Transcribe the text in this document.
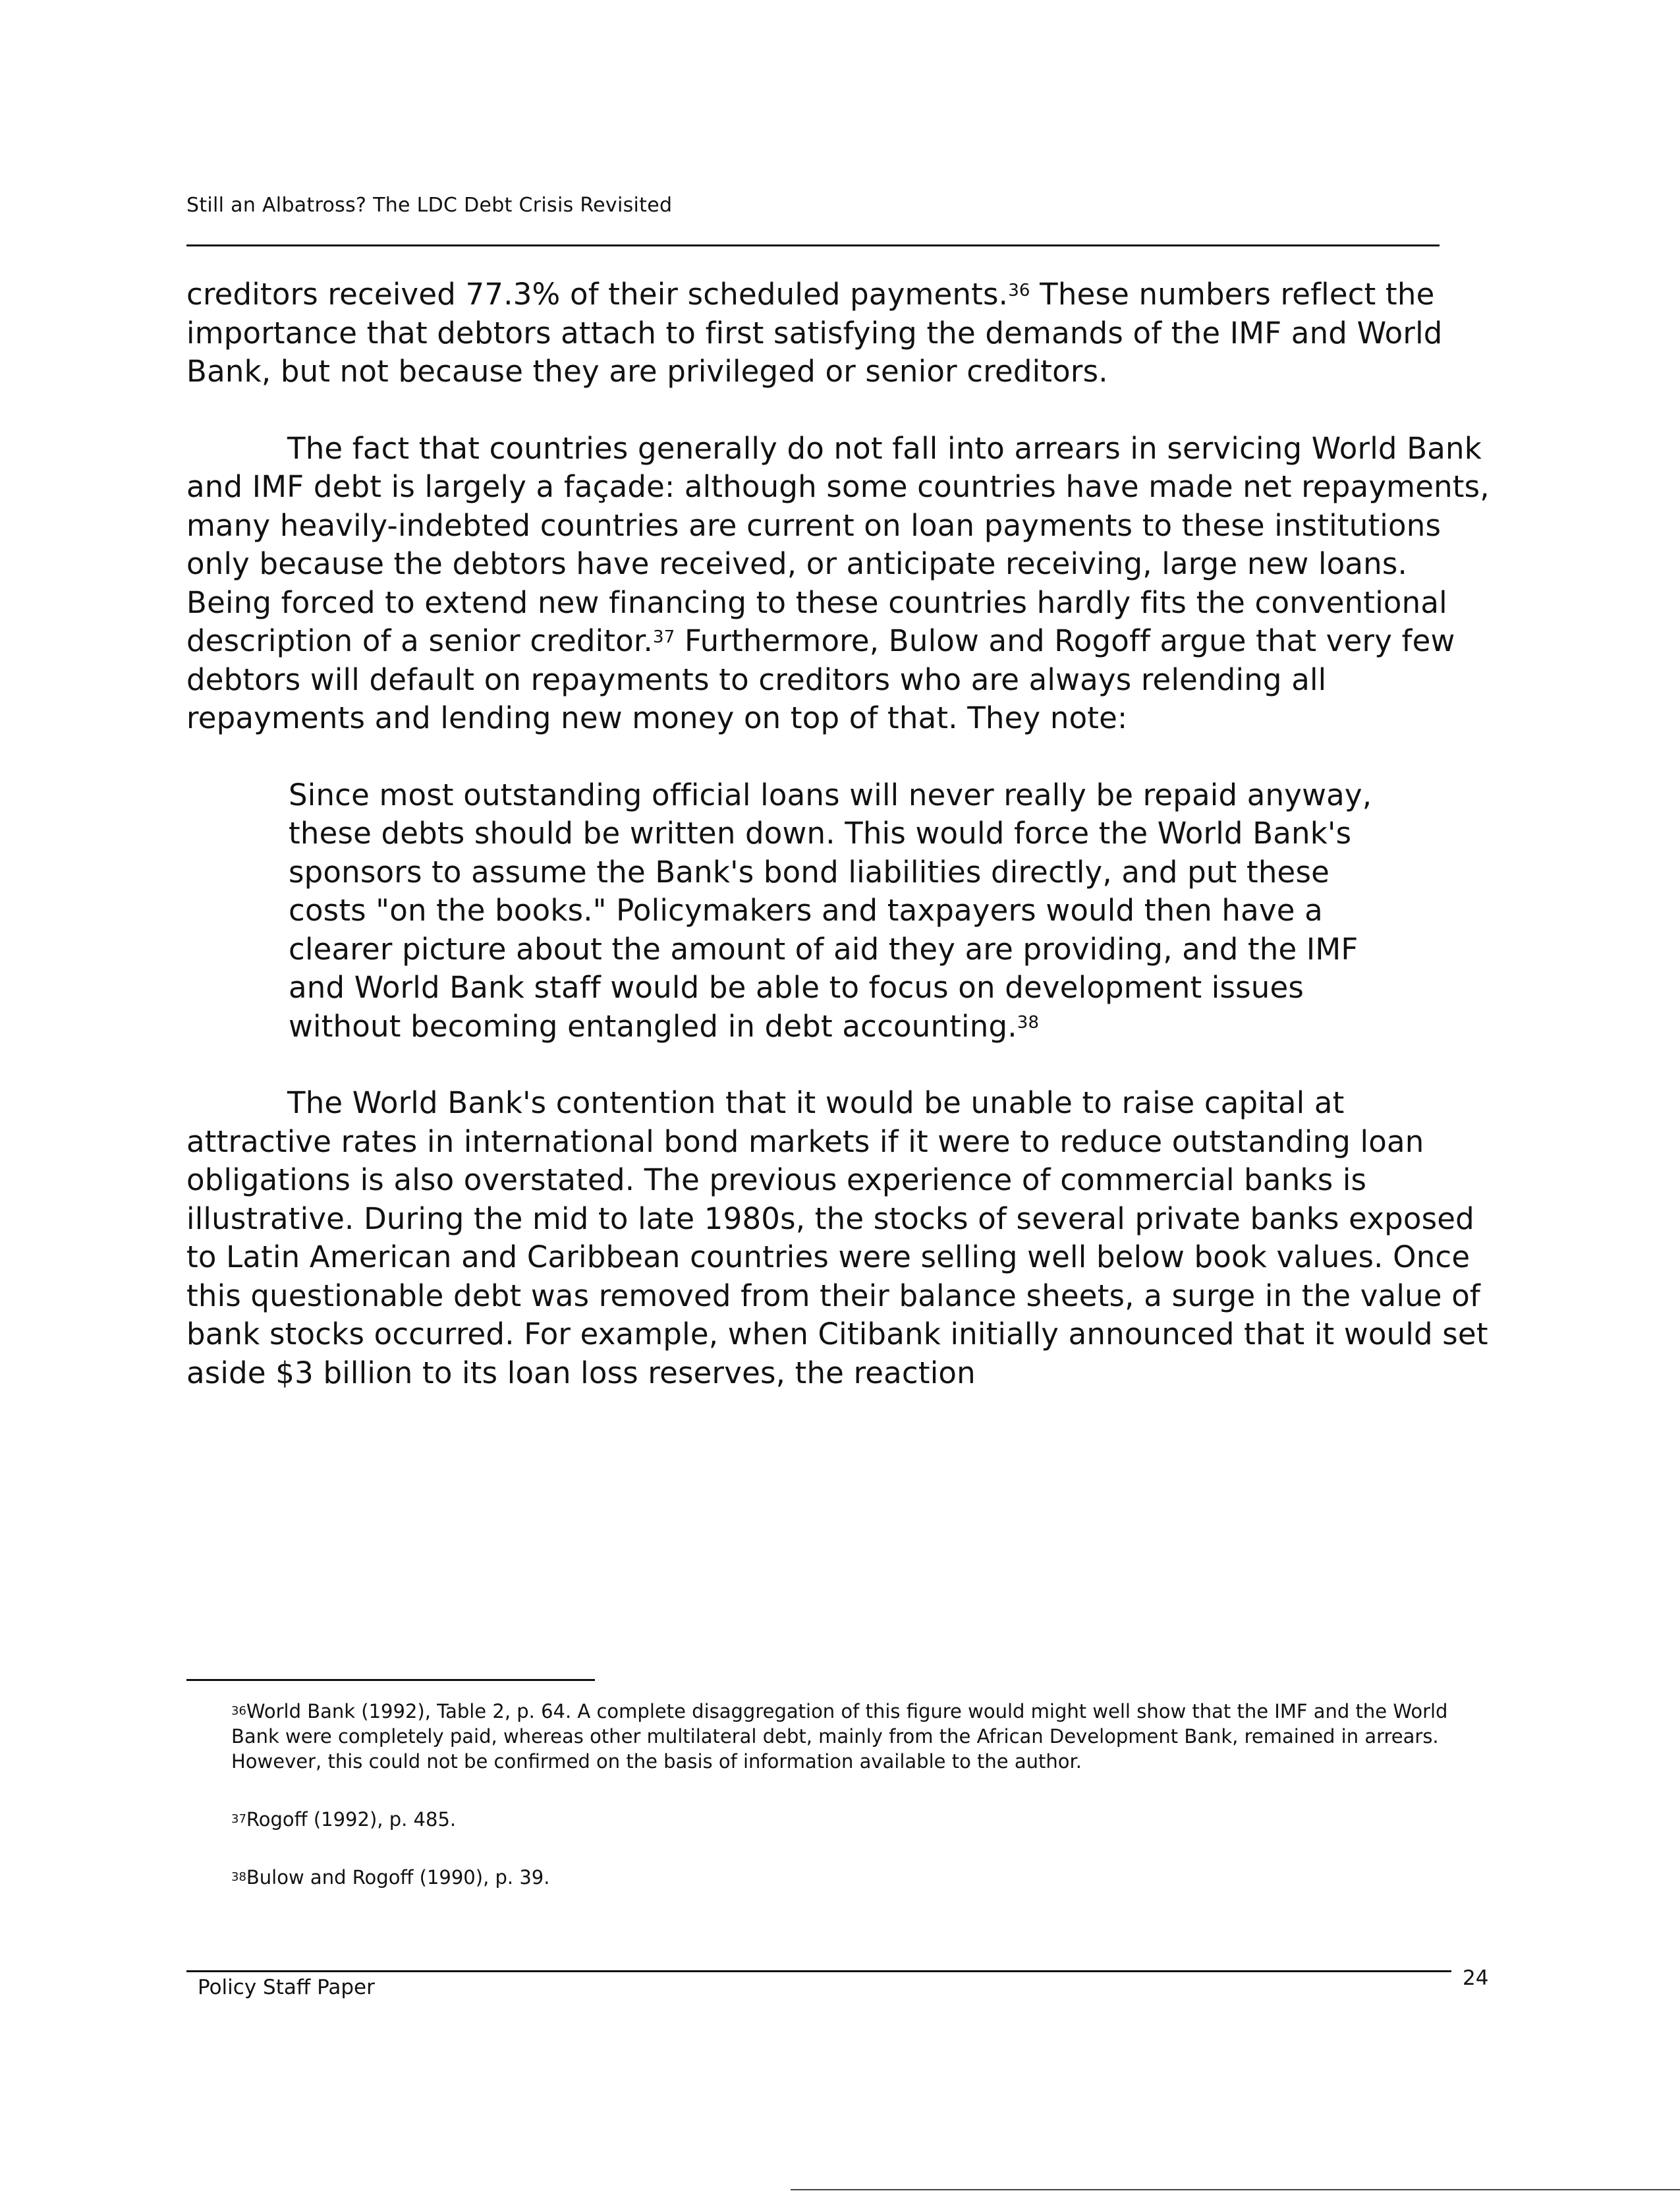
Still an Albatross? The LDC Debt Crisis Revisited

creditors received 77.3% of their scheduled payments.$^{36}$ These numbers reflect the importance that debtors attach to first satisfying the demands of the IMF and World Bank, but not because they are privileged or senior creditors.

The fact that countries generally do not fall into arrears in servicing World Bank and IMF debt is largely a façade: although some countries have made net repayments, many heavily-indebted countries are current on loan payments to these institutions only because the debtors have received, or anticipate receiving, large new loans. Being forced to extend new financing to these countries hardly fits the conventional description of a senior creditor.$^{37}$ Furthermore, Bulow and Rogoff argue that very few debtors will default on repayments to creditors who are always relending all repayments and lending new money on top of that. They note:

Since most outstanding official loans will never really be repaid anyway, these debts should be written down. This would force the World Bank's sponsors to assume the Bank's bond liabilities directly, and put these costs "on the books." Policymakers and taxpayers would then have a clearer picture about the amount of aid they are providing, and the IMF and World Bank staff would be able to focus on development issues without becoming entangled in debt accounting.$^{38}$

The World Bank's contention that it would be unable to raise capital at attractive rates in international bond markets if it were to reduce outstanding loan obligations is also overstated. The previous experience of commercial banks is illustrative. During the mid to late 1980s, the stocks of several private banks exposed to Latin American and Caribbean countries were selling well below book values. Once this questionable debt was removed from their balance sheets, a surge in the value of bank stocks occurred. For example, when Citibank initially announced that it would set aside $3 billion to its loan loss reserves, the reaction

$^{36}$World Bank (1992), Table 2, p. 64. A complete disaggregation of this figure would might well show that the IMF and the World Bank were completely paid, whereas other multilateral debt, mainly from the African Development Bank, remained in arrears. However, this could not be confirmed on the basis of information available to the author.

$^{37}$Rogoff (1992), p. 485.

$^{38}$Bulow and Rogoff (1990), p. 39.

Policy Staff Paper	24
